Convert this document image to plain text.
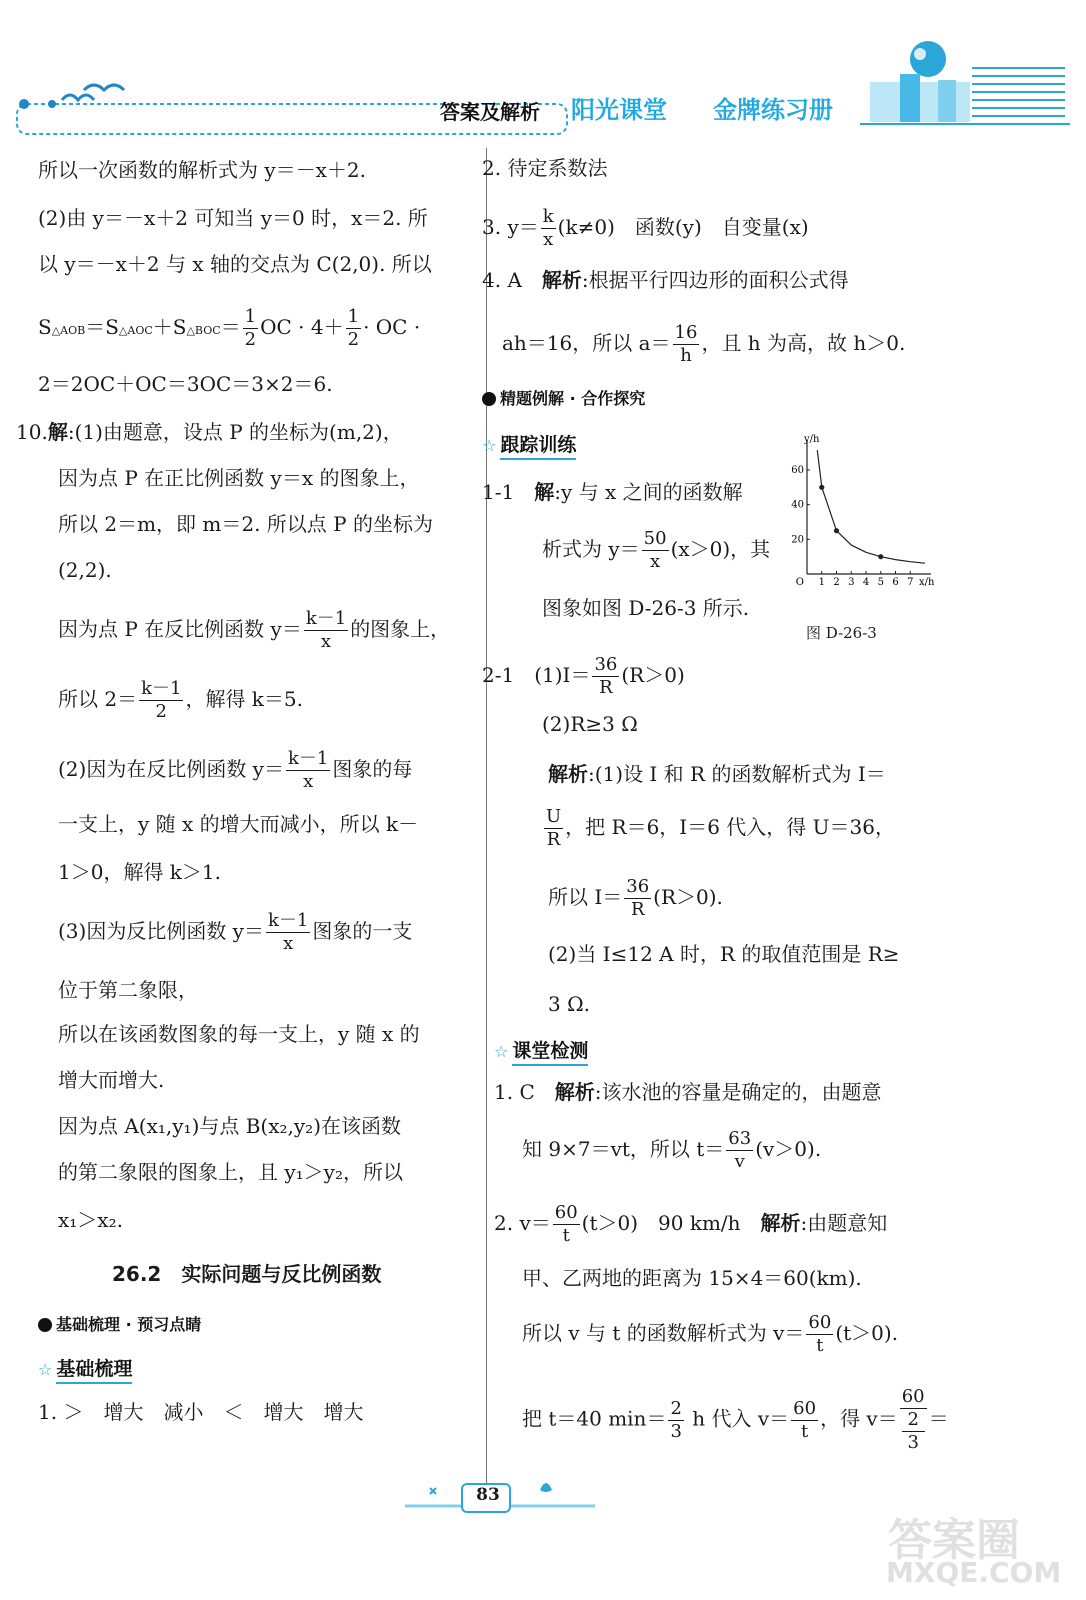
答案及解析 阳光课堂 金牌练习册
所以一次函数的解析式为 y＝－x＋2.
(2)由 y＝－x＋2 可知当 y＝0 时，x＝2. 所
以 y＝－x＋2 与 x 轴的交点为 C(2,0). 所以
S△AOB＝S△AOC＋S△BOC＝ $\frac{1}{2}$ OC · $4+ \frac{1}{2}$ · OC ·
2＝2OC＋OC＝3OC＝3×2＝6.
10.解:(1)由题意，设点 P 的坐标为(m,2)，
因为点 P 在正比例函数 y＝x 的图象上，
所以 2＝m，即 m＝2. 所以点 P 的坐标为
(2,2).
因为点 P 在反比例函数 $y= \frac{k-1}{x}$ 的图象上，
所以 $2= \frac{k-1}{2}$ ，解得 k＝5.
(2)因为在反比例函数 $y= \frac{k-1}{x}$ 图象的每
一支上，y 随 x 的增大而减小，所以 k－
1＞0，解得 k＞1.
(3)因为反比例函数 $y= \frac{k-1}{x}$ 图象的一支
位于第二象限，
所以在该函数图象的每一支上，y 随 x 的
增大而增大.
因为点 A(x₁,y₁)与点 B(x₂,y₂)在该函数
的第二象限的图象上，且 y₁＞y₂，所以
x₁＞x₂.
26.2　实际问题与反比例函数
基础梳理 · 预习点睛
☆ 基础梳理
1. ＞　增大　减小　＜　增大　增大
2. 待定系数法
3. $y= \frac{k}{x} (k\ne 0)$　函数(y)　自变量(x)
4. A　 解析:根据平行四边形的面积公式得
ah＝16，所以 $a= \frac{16}{h}$ ，且 h 为高，故 h＞0.
精题例解 · 合作探究
☆ 跟踪训练
1-1　 解:y 与 x 之间的函数解
析式为 $y= \frac{50}{x} (x>0)$，其
图象如图 D-26-3 所示.
1 2 3 4 5 6 7
20
40
60
O
y/h
x/h
图 D-26-3
2-1　 $(1)I= \frac{36}{R} (R>0)$
(2)R≥3 Ω
解析:(1)设 I 和 R 的函数解析式为 I＝
$\frac{U}{R}$ ，把 R＝6，I＝6 代入，得 U＝36，
所以 $I= \frac{36}{R} (R>0)$.
(2)当 I≤12 A 时，R 的取值范围是 R≥
3 Ω.
☆ 课堂检测
1. C　 解析:该水池的容量是确定的，由题意
知 9×7＝vt，所以 $t= \frac{63}{v} (v>0)$.
2. $v= \frac{60}{t} (t>0)$　90 km/h　 解析:由题意知
甲、乙两地的距离为 15×4＝60(km).
所以 v 与 t 的函数解析式为 $v= \frac{60}{t} (t>0)$.
把 t＝40 $\min= \frac{2}{3}$ h 代入 $v= \frac{60}{t}$ ，得 v＝ 60
2
3 ＝
83
答案圈
MXQE.COM
